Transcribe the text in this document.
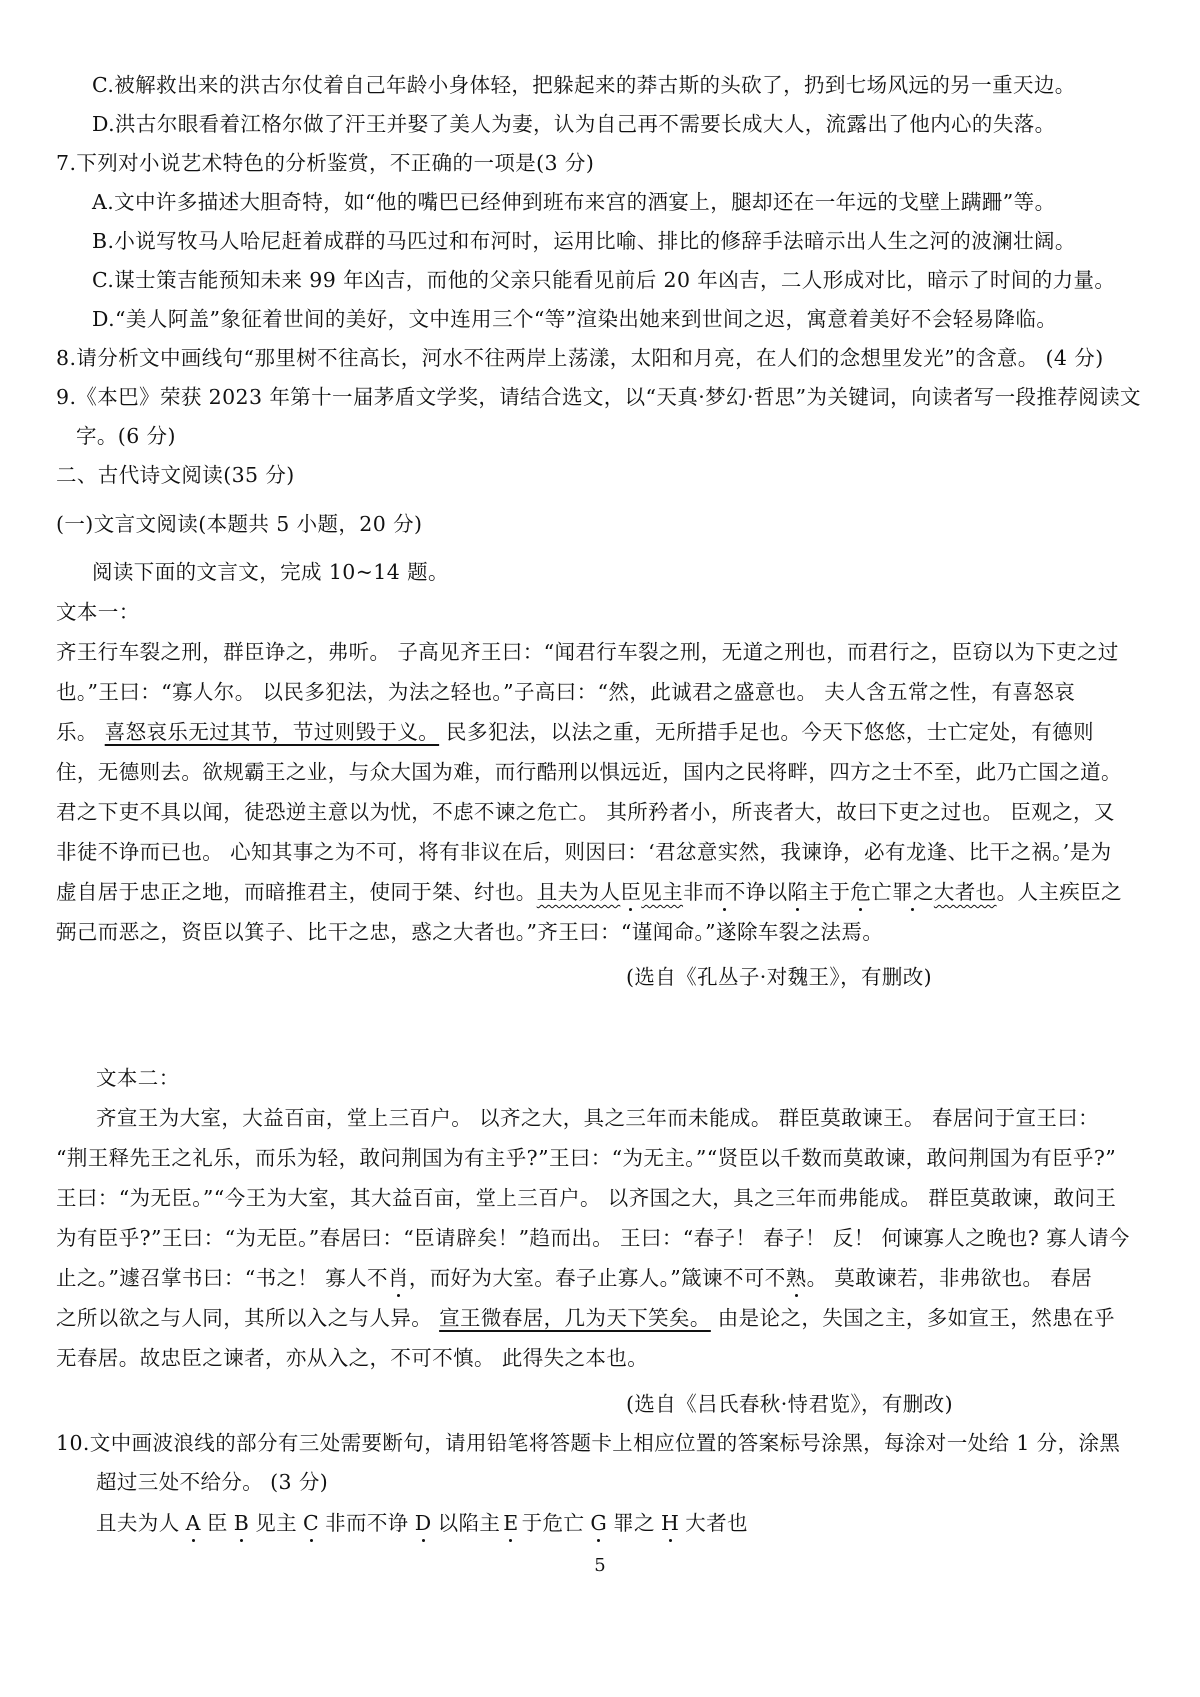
C.被解救出来的洪古尔仗着自己年龄小身体轻，把躲起来的莽古斯的头砍了，扔到七场风远的另一重天边。
D.洪古尔眼看着江格尔做了汗王并娶了美人为妻，认为自己再不需要长成大人，流露出了他内心的失落。
7.下列对小说艺术特色的分析鉴赏，不正确的一项是(3 分)
A.文中许多描述大胆奇特，如“他的嘴巴已经伸到班布来宫的酒宴上，腿却还在一年远的戈壁上蹒跚”等。
B.小说写牧马人哈尼赶着成群的马匹过和布河时，运用比喻、排比的修辞手法暗示出人生之河的波澜壮阔。
C.谋士策吉能预知未来 99 年凶吉，而他的父亲只能看见前后 20 年凶吉，二人形成对比，暗示了时间的力量。
D.“美人阿盖”象征着世间的美好，文中连用三个“等”渲染出她来到世间之迟，寓意着美好不会轻易降临。
8.请分析文中画线句“那里树不往高长，河水不往两岸上荡漾，太阳和月亮，在人们的念想里发光”的含意。 (4 分)
9.《本巴》荣获 2023 年第十一届茅盾文学奖，请结合选文，以“天真·梦幻·哲思”为关键词，向读者写一段推荐阅读文
字。(6 分)
二、古代诗文阅读(35 分)
(一)文言文阅读(本题共 5 小题，20 分)
阅读下面的文言文，完成 10~14 题。
文本一：
齐王行车裂之刑，群臣诤之，弗听。 子高见齐王曰：“闻君行车裂之刑，无道之刑也，而君行之，臣窃以为下吏之过
也。”王曰：“寡人尔。 以民多犯法，为法之轻也。”子高曰：“然，此诚君之盛意也。 夫人含五常之性，有喜怒哀
乐。 喜怒哀乐无过其节，节过则毁于义。 民多犯法，以法之重，无所措手足也。今天下悠悠，士亡定处，有德则
住，无德则去。欲规霸王之业，与众大国为难，而行酷刑以惧远近，国内之民将畔，四方之士不至，此乃亡国之道。
君之下吏不具以闻，徒恐逆主意以为忧，不虑不谏之危亡。 其所矜者小，所丧者大，故曰下吏之过也。 臣观之，又
非徒不诤而已也。 心知其事之为不可，将有非议在后，则因曰：‘君忿意实然，我谏诤，必有龙逢、比干之祸。’是为
虚自居于忠正之地，而暗推君主，使同于桀、纣也。且夫为人臣见主非而不诤以陷主于危亡罪之大者也。人主疾臣之
弼己而恶之，资臣以箕子、比干之忠，惑之大者也。”齐王曰：“谨闻命。”遂除车裂之法焉。
(选自《孔丛子·对魏王》，有删改)
文本二：
齐宣王为大室，大益百亩，堂上三百户。 以齐之大，具之三年而未能成。 群臣莫敢谏王。 春居问于宣王曰：
“荆王释先王之礼乐，而乐为轻，敢问荆国为有主乎?”王曰：“为无主。”“贤臣以千数而莫敢谏，敢问荆国为有臣乎?”
王曰：“为无臣。”“今王为大室，其大益百亩，堂上三百户。 以齐国之大，具之三年而弗能成。 群臣莫敢谏，敢问王
为有臣乎?”王曰：“为无臣。”春居曰：“臣请辟矣！”趋而出。 王曰：“春子！ 春子！ 反！ 何谏寡人之晚也? 寡人请今
止之。”遽召掌书曰：“书之！ 寡人不肖，而好为大室。春子止寡人。”箴谏不可不熟。 莫敢谏若，非弗欲也。 春居
之所以欲之与人同，其所以入之与人异。 宣王微春居，几为天下笑矣。 由是论之，失国之主，多如宣王，然患在乎
无春居。故忠臣之谏者，亦从入之，不可不慎。 此得失之本也。
(选自《吕氏春秋·恃君览》，有删改)
10.文中画波浪线的部分有三处需要断句，请用铅笔将答题卡上相应位置的答案标号涂黑，每涂对一处给 1 分，涂黑
超过三处不给分。 (3 分)
且夫为人 A 臣 B 见主 C 非而不诤 D 以陷主 E 于危亡 G 罪之 H 大者也
5
